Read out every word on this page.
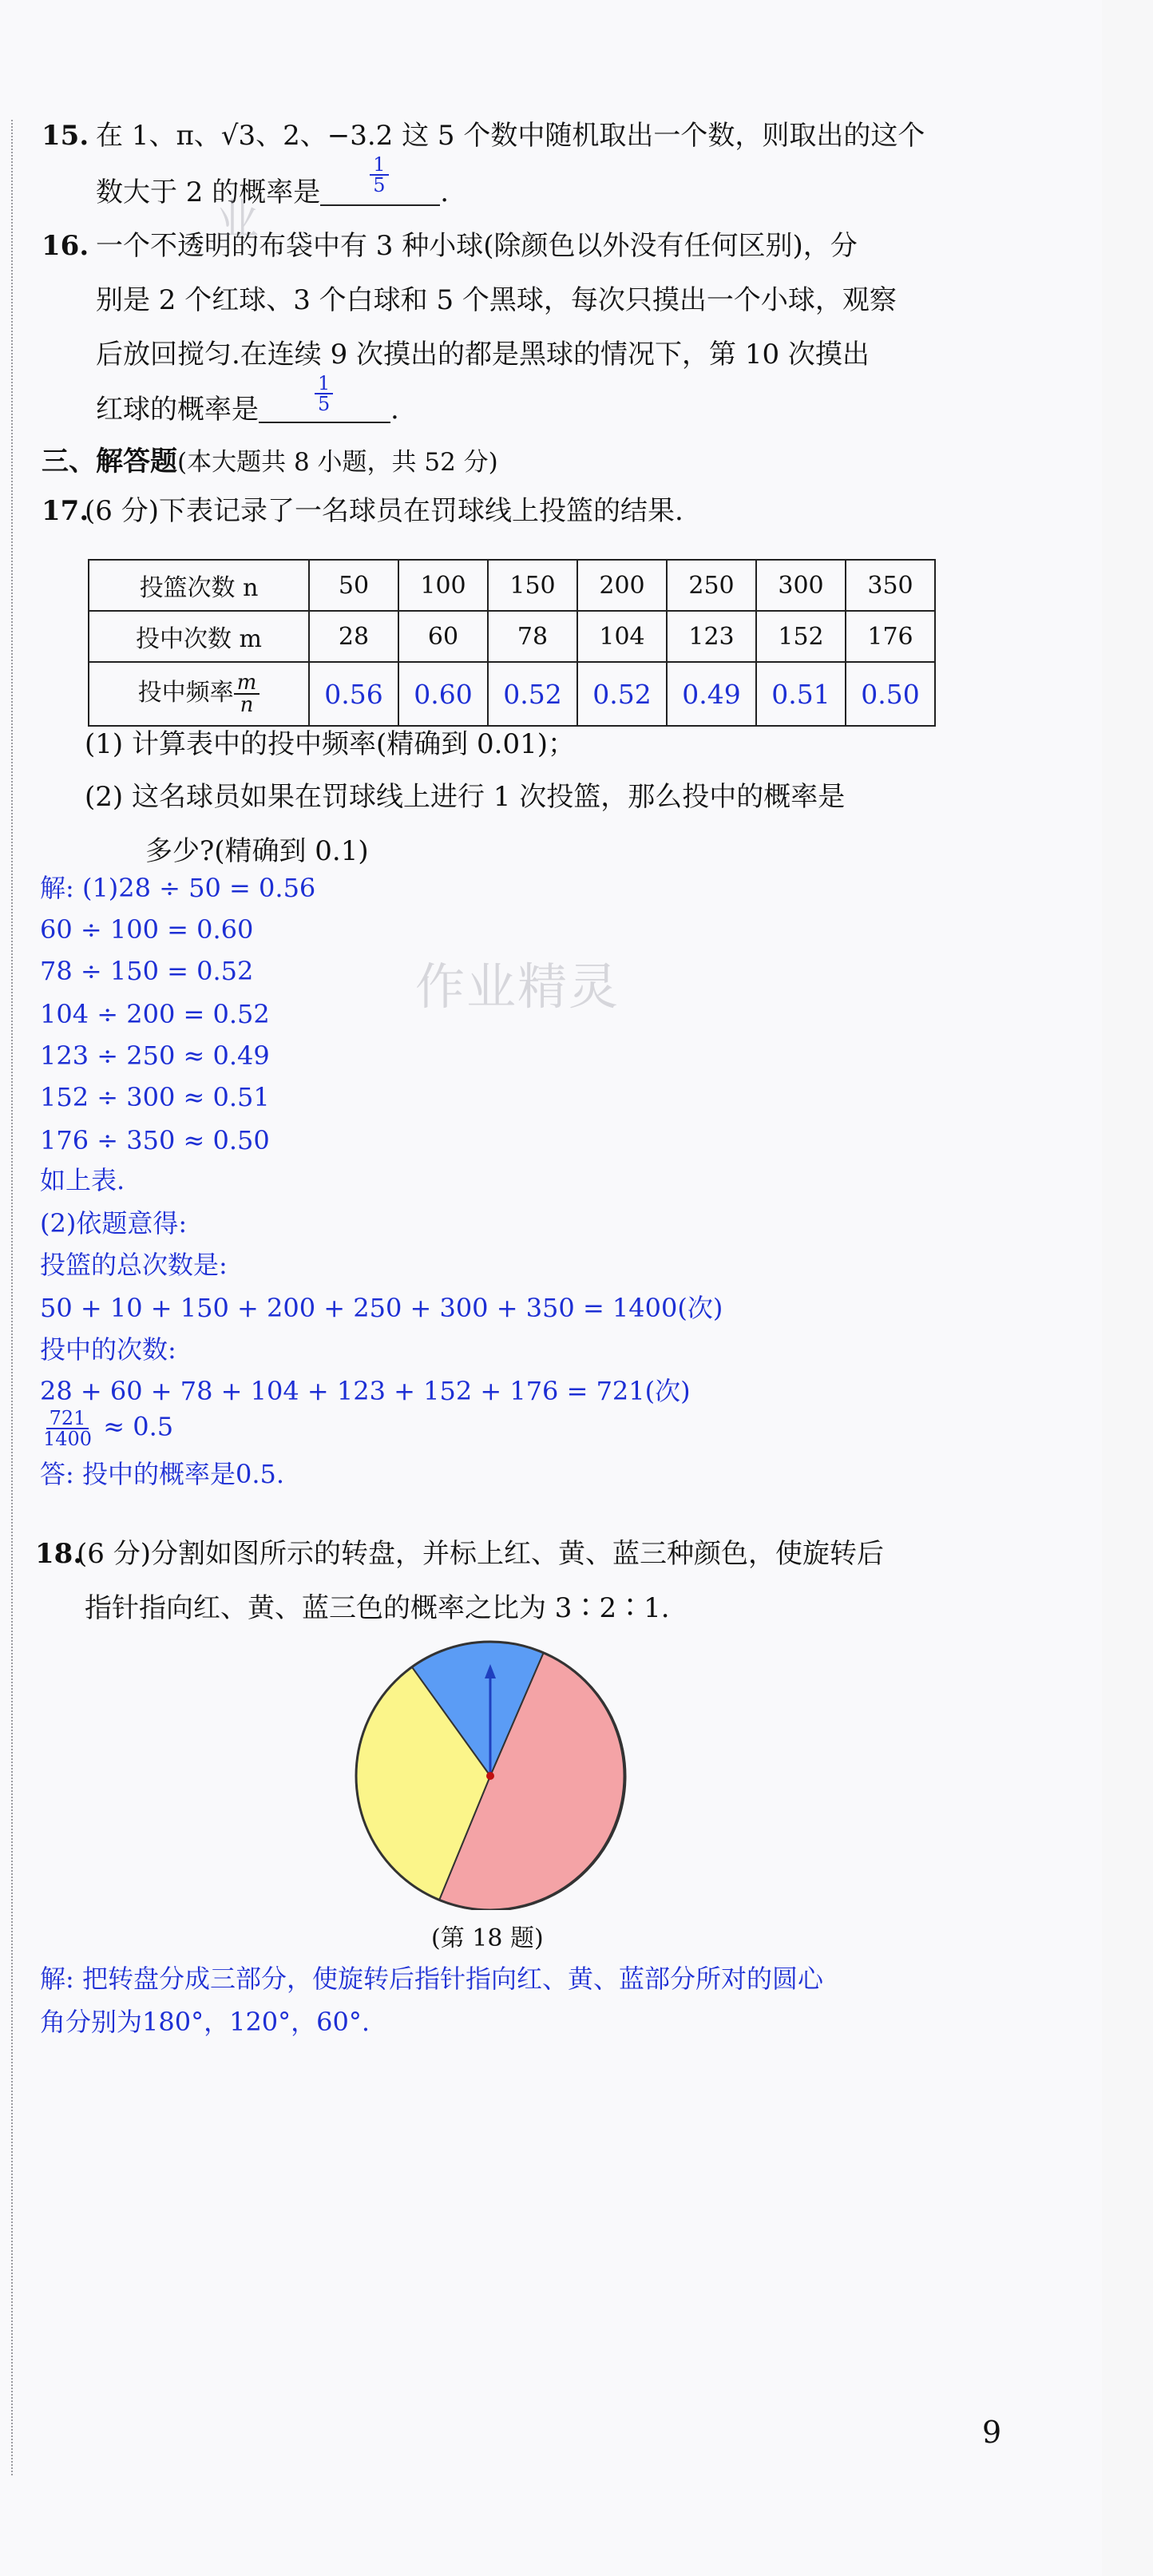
15. 在 1、π、√3、2、−3.2 这 5 个数中随机取出一个数，则取出的这个
数大于 2 的概率是	$\frac{1}{5}$ .
16. 一个不透明的布袋中有 3 种小球(除颜色以外没有任何区别)，分
别是 2 个红球、3 个白球和 5 个黑球，每次只摸出一个小球，观察
后放回搅匀.在连续 9 次摸出的都是黑球的情况下，第 10 次摸出
红球的概率是	$\frac{1}{5}$ .
三、解答题(本大题共 8 小题，共 52 分)
17.
(6 分)下表记录了一名球员在罚球线上投篮的结果.
投篮次数 n	50	100	150	200	250	300	350
投中次数 m	28	60	78	104	123	152	176
投中频率 $\frac{m}{n}$	0.56	0.60	0.52	0.52	0.49	0.51	0.50
(1) 计算表中的投中频率(精确到 0.01)；
(2) 这名球员如果在罚球线上进行 1 次投篮，那么投中的概率是
多少?(精确到 0.1)
解: (1)28 ÷ 50 = 0.56
60 ÷ 100 = 0.60
78 ÷ 150 = 0.52
104 ÷ 200 = 0.52
123 ÷ 250 ≈ 0.49
152 ÷ 300 ≈ 0.51
176 ÷ 350 ≈ 0.50
如上表.
(2)依题意得:
投篮的总次数是:
50 + 10 + 150 + 200 + 250 + 300 + 350 = 1400(次)
投中的次数:
28 + 60 + 78 + 104 + 123 + 152 + 176 = 721(次)
$\frac{721}{1400} \approx 0.5$
答: 投中的概率是0.5.
18.
(6 分)分割如图所示的转盘，并标上红、黄、蓝三种颜色，使旋转后
指针指向红、黄、蓝三色的概率之比为 3∶2∶1.
(第 18 题)
解: 把转盘分成三部分，使旋转后指针指向红、黄、蓝部分所对的圆心
角分别为180°，120°，60°.
作业精灵
业
9
